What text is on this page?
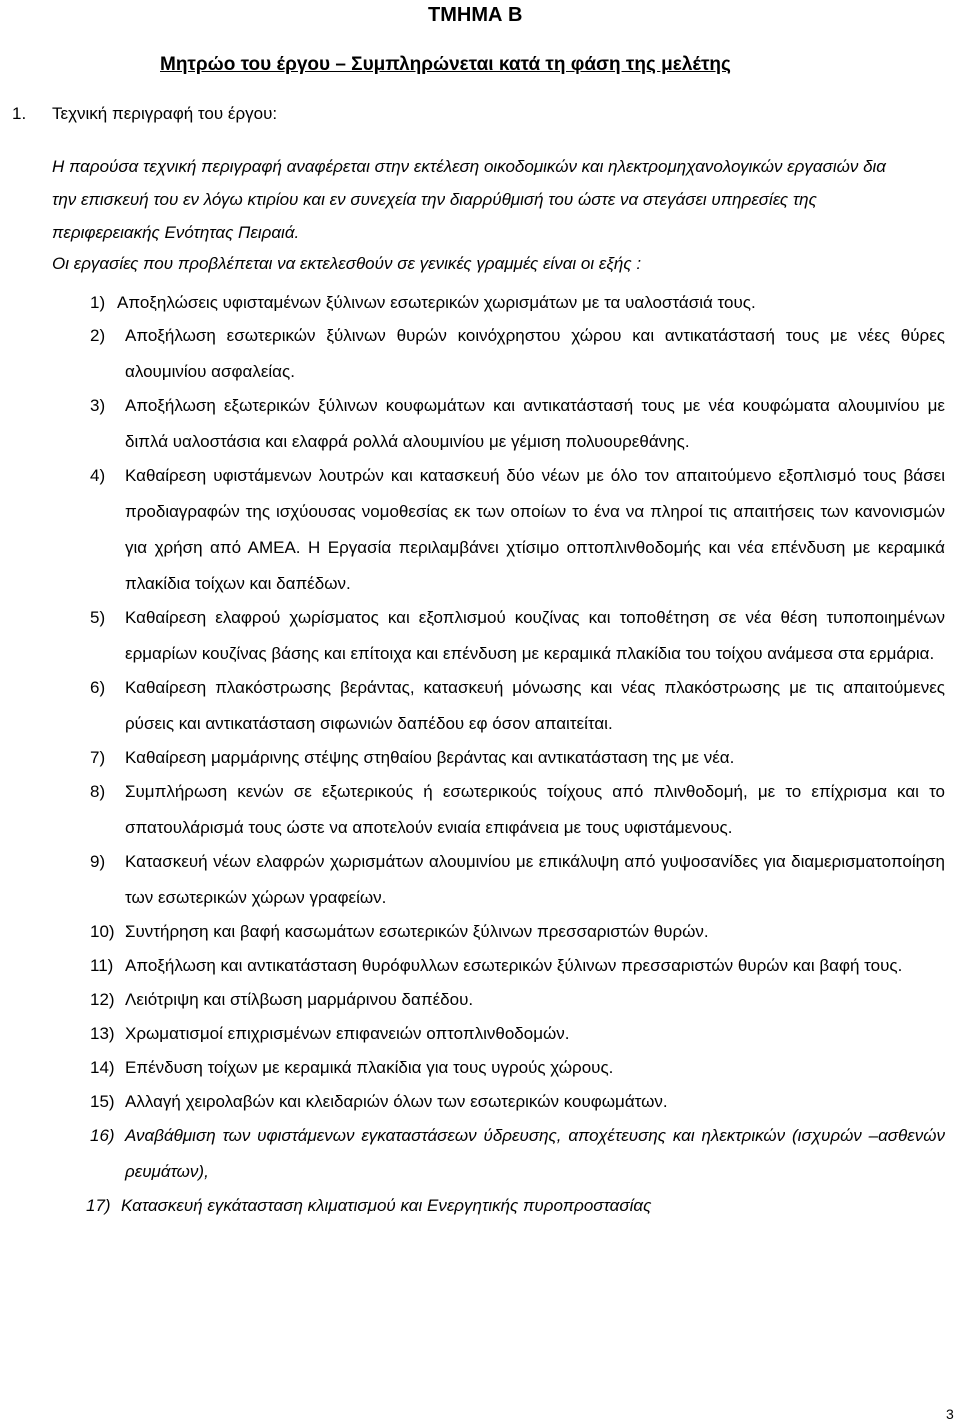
ΤΜΗΜΑ Β
Μητρώο του έργου – Συμπληρώνεται κατά τη φάση της μελέτης
1. Τεχνική περιγραφή του έργου:
Η παρούσα τεχνική περιγραφή αναφέρεται στην εκτέλεση οικοδομικών και ηλεκτρομηχανολογικών εργασιών δια την επισκευή του εν λόγω κτιρίου και εν συνεχεία την διαρρύθμισή του ώστε να στεγάσει υπηρεσίες της περιφερειακής Ενότητας Πειραιά.
Οι εργασίες που προβλέπεται να εκτελεσθούν σε γενικές γραμμές είναι οι εξής :
1) Αποξηλώσεις υφισταμένων ξύλινων εσωτερικών χωρισμάτων με τα υαλοστάσιά τους.
2) Αποξήλωση εσωτερικών ξύλινων θυρών κοινόχρηστου χώρου και αντικατάστασή τους με νέες θύρες αλουμινίου ασφαλείας.
3) Αποξήλωση εξωτερικών ξύλινων κουφωμάτων και αντικατάστασή τους με νέα κουφώματα αλουμινίου με διπλά υαλοστάσια και ελαφρά ρολλά αλουμινίου με γέμιση πολυουρεθάνης.
4) Καθαίρεση υφιστάμενων λουτρών και κατασκευή δύο νέων με όλο τον απαιτούμενο εξοπλισμό τους βάσει προδιαγραφών της ισχύουσας νομοθεσίας εκ των οποίων το ένα να πληροί τις απαιτήσεις των κανονισμών για χρήση από ΑΜΕΑ. Η Εργασία περιλαμβάνει χτίσιμο οπτοπλινθοδομής και νέα επένδυση με κεραμικά πλακίδια τοίχων και δαπέδων.
5) Καθαίρεση ελαφρού χωρίσματος και εξοπλισμού κουζίνας και τοποθέτηση σε νέα θέση τυποποιημένων ερμαρίων κουζίνας βάσης και επίτοιχα και επένδυση με κεραμικά πλακίδια του τοίχου ανάμεσα στα ερμάρια.
6) Καθαίρεση πλακόστρωσης βεράντας, κατασκευή μόνωσης και νέας πλακόστρωσης με τις απαιτούμενες ρύσεις και αντικατάσταση σιφωνιών δαπέδου εφ όσον απαιτείται.
7) Καθαίρεση μαρμάρινης στέψης στηθαίου βεράντας και αντικατάσταση της με νέα.
8) Συμπλήρωση κενών σε εξωτερικούς ή εσωτερικούς τοίχους από πλινθοδομή, με το επίχρισμα και το σπατουλάρισμά τους ώστε να αποτελούν ενιαία επιφάνεια με τους υφιστάμενους.
9) Κατασκευή νέων ελαφρών χωρισμάτων αλουμινίου με επικάλυψη από γυψοσανίδες για διαμερισματοποίηση των εσωτερικών χώρων γραφείων.
10) Συντήρηση και βαφή κασωμάτων εσωτερικών ξύλινων πρεσσαριστών θυρών.
11) Αποξήλωση και αντικατάσταση θυρόφυλλων εσωτερικών ξύλινων πρεσσαριστών θυρών και βαφή τους.
12) Λειότριψη και στίλβωση μαρμάρινου δαπέδου.
13) Χρωματισμοί επιχρισμένων επιφανειών οπτοπλινθοδομών.
14) Επένδυση τοίχων με κεραμικά πλακίδια για τους υγρούς χώρους.
15) Αλλαγή χειρολαβών και κλειδαριών όλων των εσωτερικών κουφωμάτων.
16) Αναβάθμιση των υφιστάμενων εγκαταστάσεων ύδρευσης, αποχέτευσης και ηλεκτρικών (ισχυρών –ασθενών ρευμάτων),
17) Κατασκευή εγκάτασταση κλιματισμού και Ενεργητικής πυροπροστασίας
3
